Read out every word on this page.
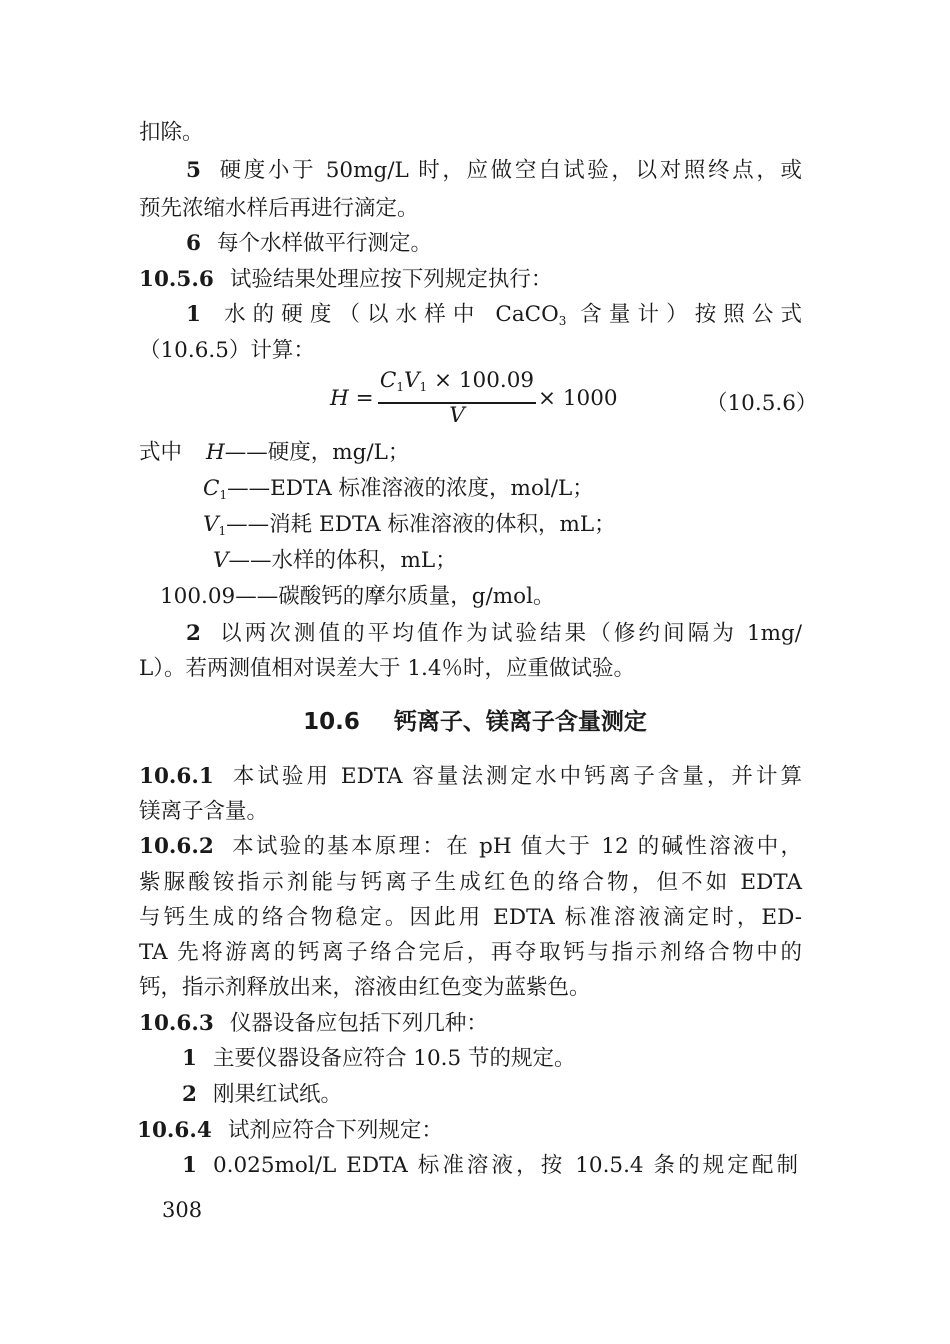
扣除。
5 硬度小于 50mg/L 时，应做空白试验，以对照终点，或
预先浓缩水样后再进行滴定。
6 每个水样做平行测定。
10.5.6 试验结果处理应按下列规定执行：
1 水的硬度（以水样中 CaCO$_3$ 含量计）按照公式
（10.6.5）计算：
H =
$C_1V_1 \times 100.09$
V
× 1000	（10.5.6）
式中 H——硬度，mg/L；
$C_1——EDTA$ 标准溶液的浓度，mol/L；
$V_1——$消耗 EDTA 标准溶液的体积，mL；
V——水样的体积，mL；
100.09——碳酸钙的摩尔质量，g/mol。
2 以两次测值的平均值作为试验结果（修约间隔为 1mg/
L）。若两测值相对误差大于 1.4％时，应重做试验。
10.6 钙离子、镁离子含量测定
10.6.1 本试验用 EDTA 容量法测定水中钙离子含量，并计算
镁离子含量。
10.6.2 本试验的基本原理：在 pH 值大于 12 的碱性溶液中，
紫脲酸铵指示剂能与钙离子生成红色的络合物，但不如 EDTA
与钙生成的络合物稳定。因此用 EDTA 标准溶液滴定时，ED-
TA 先将游离的钙离子络合完后，再夺取钙与指示剂络合物中的
钙，指示剂释放出来，溶液由红色变为蓝紫色。
10.6.3 仪器设备应包括下列几种：
1 主要仪器设备应符合 10.5 节的规定。
2 刚果红试纸。
10.6.4 试剂应符合下列规定：
1 0.025mol/L EDTA 标准溶液，按 10.5.4 条的规定配制
308
